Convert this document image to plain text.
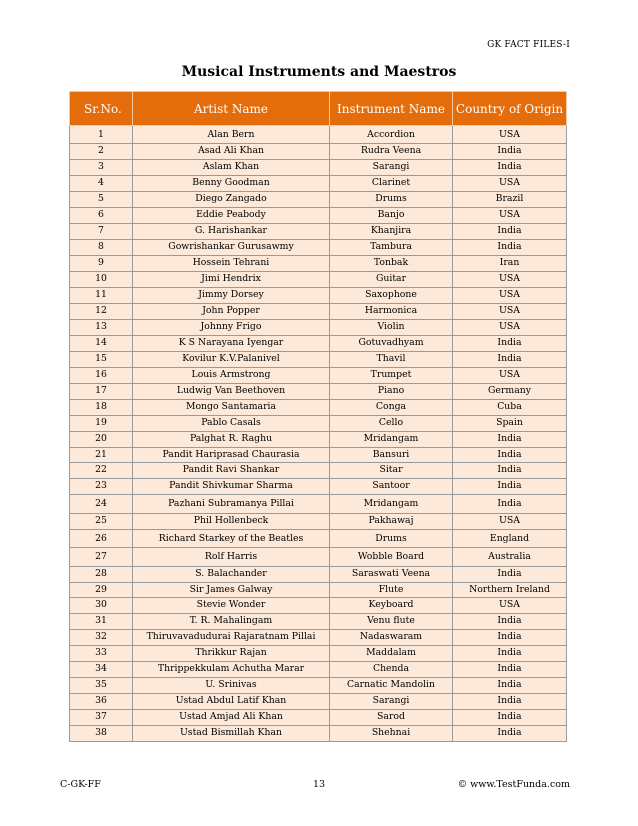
GK FACT FILES-I
Musical Instruments and Maestros
Sr.No.	Artist Name	Instrument Name	Country of Origin
1	Alan Bern	Accordion	USA
2	Asad Ali Khan	Rudra Veena	India
3	Aslam Khan	Sarangi	India
4	Benny Goodman	Clarinet	USA
5	Diego Zangado	Drums	Brazil
6	Eddie Peabody	Banjo	USA
7	G. Harishankar	Khanjira	India
8	Gowrishankar Gurusawmy	Tambura	India
9	Hossein Tehrani	Tonbak	Iran
10	Jimi Hendrix	Guitar	USA
11	Jimmy Dorsey	Saxophone	USA
12	John Popper	Harmonica	USA
13	Johnny Frigo	Violin	USA
14	K S Narayana Iyengar	Gotuvadhyam	India
15	Kovilur K.V.Palanivel	Thavil	India
16	Louis Armstrong	Trumpet	USA
17	Ludwig Van Beethoven	Piano	Germany
18	Mongo Santamaria	Conga	Cuba
19	Pablo Casals	Cello	Spain
20	Palghat R. Raghu	Mridangam	India
21	Pandit Hariprasad Chaurasia	Bansuri	India
22	Pandit Ravi Shankar	Sitar	India
23	Pandit Shivkumar Sharma	Santoor	India
24	Pazhani Subramanya Pillai	Mridangam	India
25	Phil Hollenbeck	Pakhawaj	USA
26	Richard Starkey of the Beatles	Drums	England
27	Rolf Harris	Wobble Board	Australia
28	S. Balachander	Saraswati Veena	India
29	Sir James Galway	Flute	Northern Ireland
30	Stevie Wonder	Keyboard	USA
31	T. R. Mahalingam	Venu flute	India
32	Thiruvavadudurai Rajaratnam Pillai	Nadaswaram	India
33	Thrikkur Rajan	Maddalam	India
34	Thrippekkulam Achutha Marar	Chenda	India
35	U. Srinivas	Carnatic Mandolin	India
36	Ustad Abdul Latif Khan	Sarangi	India
37	Ustad Amjad Ali Khan	Sarod	India
38	Ustad Bismillah Khan	Shehnai	India
C-GK-FF	13	© www.TestFunda.com
